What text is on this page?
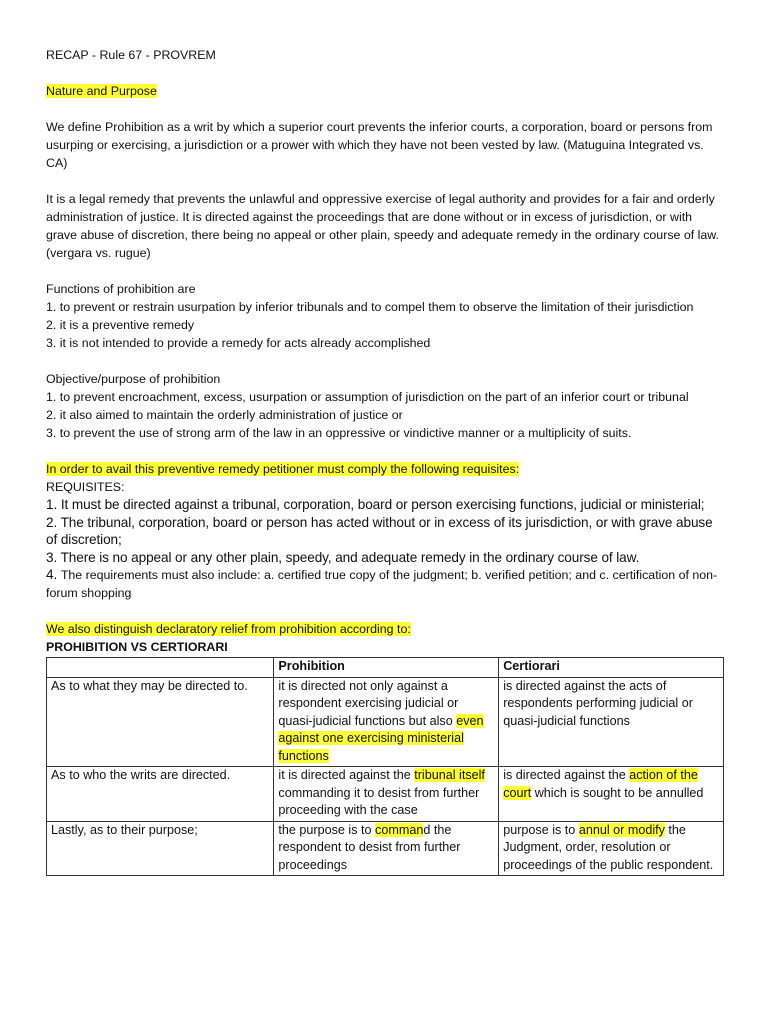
RECAP - Rule 67 - PROVREM

Nature and Purpose

We define Prohibition as a writ by which a superior court prevents the inferior courts, a corporation, board or persons from usurping or exercising, a jurisdiction or a prower with which they have not been vested by law. (Matuguina Integrated vs. CA)

It is a legal remedy that prevents the unlawful and oppressive exercise of legal authority and provides for a fair and orderly administration of justice. It is directed against the proceedings that are done without or in excess of jurisdiction, or with grave abuse of discretion, there being no appeal or other plain, speedy and adequate remedy in the ordinary course of law. (vergara vs. rugue)

Functions of prohibition are

1. to prevent or restrain usurpation by inferior tribunals and to compel them to observe the limitation of their jurisdiction

2. it is a preventive remedy

3. it is not intended to provide a remedy for acts already accomplished

Objective/purpose of prohibition

1. to prevent encroachment, excess, usurpation or assumption of jurisdiction on the part of an inferior court or tribunal

2. it also aimed to maintain the orderly administration of justice or

3. to prevent the use of strong arm of the law in an oppressive or vindictive manner or a multiplicity of suits.

In order to avail this preventive remedy petitioner must comply the following requisites:

REQUISITES:

1. It must be directed against a tribunal, corporation, board or person exercising functions, judicial or ministerial;

2. The tribunal, corporation, board or person has acted without or in excess of its jurisdiction, or with grave abuse of discretion;

3. There is no appeal or any other plain, speedy, and adequate remedy in the ordinary course of law.

4. The requirements must also include: a. certified true copy of the judgment; b. verified petition; and c. certification of non-forum shopping

We also distinguish declaratory relief from prohibition according to:

PROHIBITION VS CERTIORARI

	Prohibition	Certiorari
As to what they may be directed to.	it is directed not only against a respondent exercising judicial or quasi-judicial functions but also even against one exercising ministerial functions	is directed against the acts of respondents performing judicial or quasi-judicial functions
As to who the writs are directed.	it is directed against the tribunal itself commanding it to desist from further proceeding with the case	is directed against the action of the court which is sought to be annulled
Lastly, as to their purpose;	the purpose is to command the respondent to desist from further proceedings	purpose is to annul or modify the Judgment, order, resolution or proceedings of the public respondent.
